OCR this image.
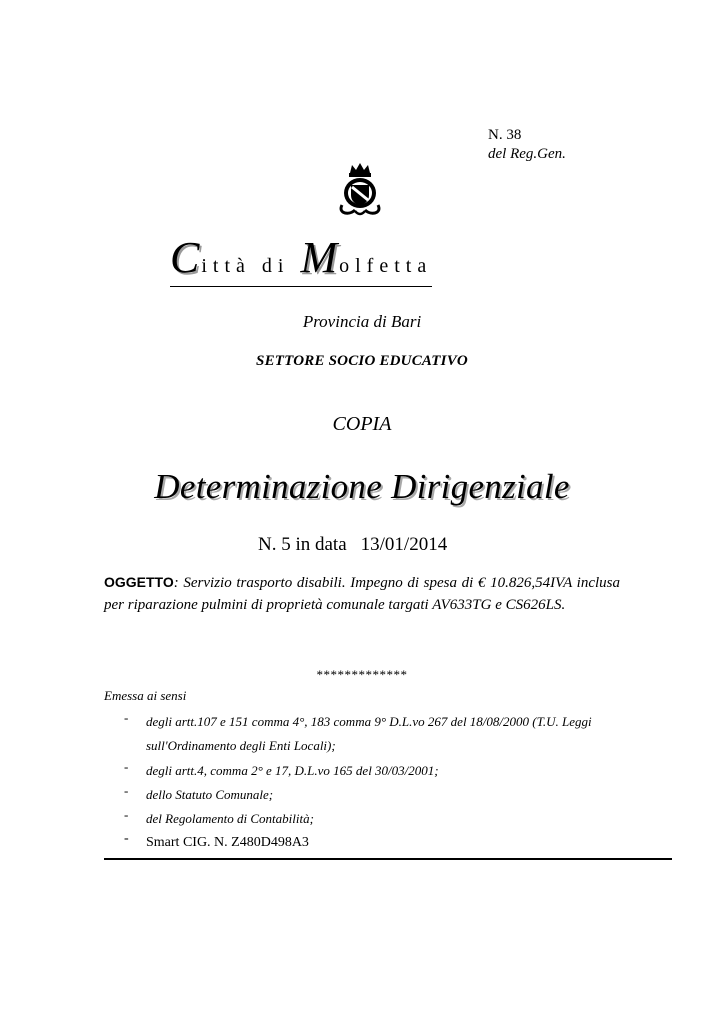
N. 38
del Reg.Gen.
Città di Molfetta
Provincia di Bari
SETTORE SOCIO EDUCATIVO
COPIA
Determinazione Dirigenziale
N. 5 in data 13/01/2014
OGGETTO: Servizio trasporto disabili. Impegno di spesa di € 10.826,54IVA inclusa per riparazione pulmini di proprietà comunale targati AV633TG e CS626LS.
*************
Emessa ai sensi
- degli artt.107 e 151 comma 4°, 183 comma 9° D.L.vo 267 del 18/08/2000 (T.U. Leggi sull'Ordinamento degli Enti Locali);
- degli artt.4, comma 2° e 17, D.L.vo 165 del 30/03/2001;
- dello Statuto Comunale;
- del Regolamento di Contabilità;
- Smart CIG. N. Z480D498A3
